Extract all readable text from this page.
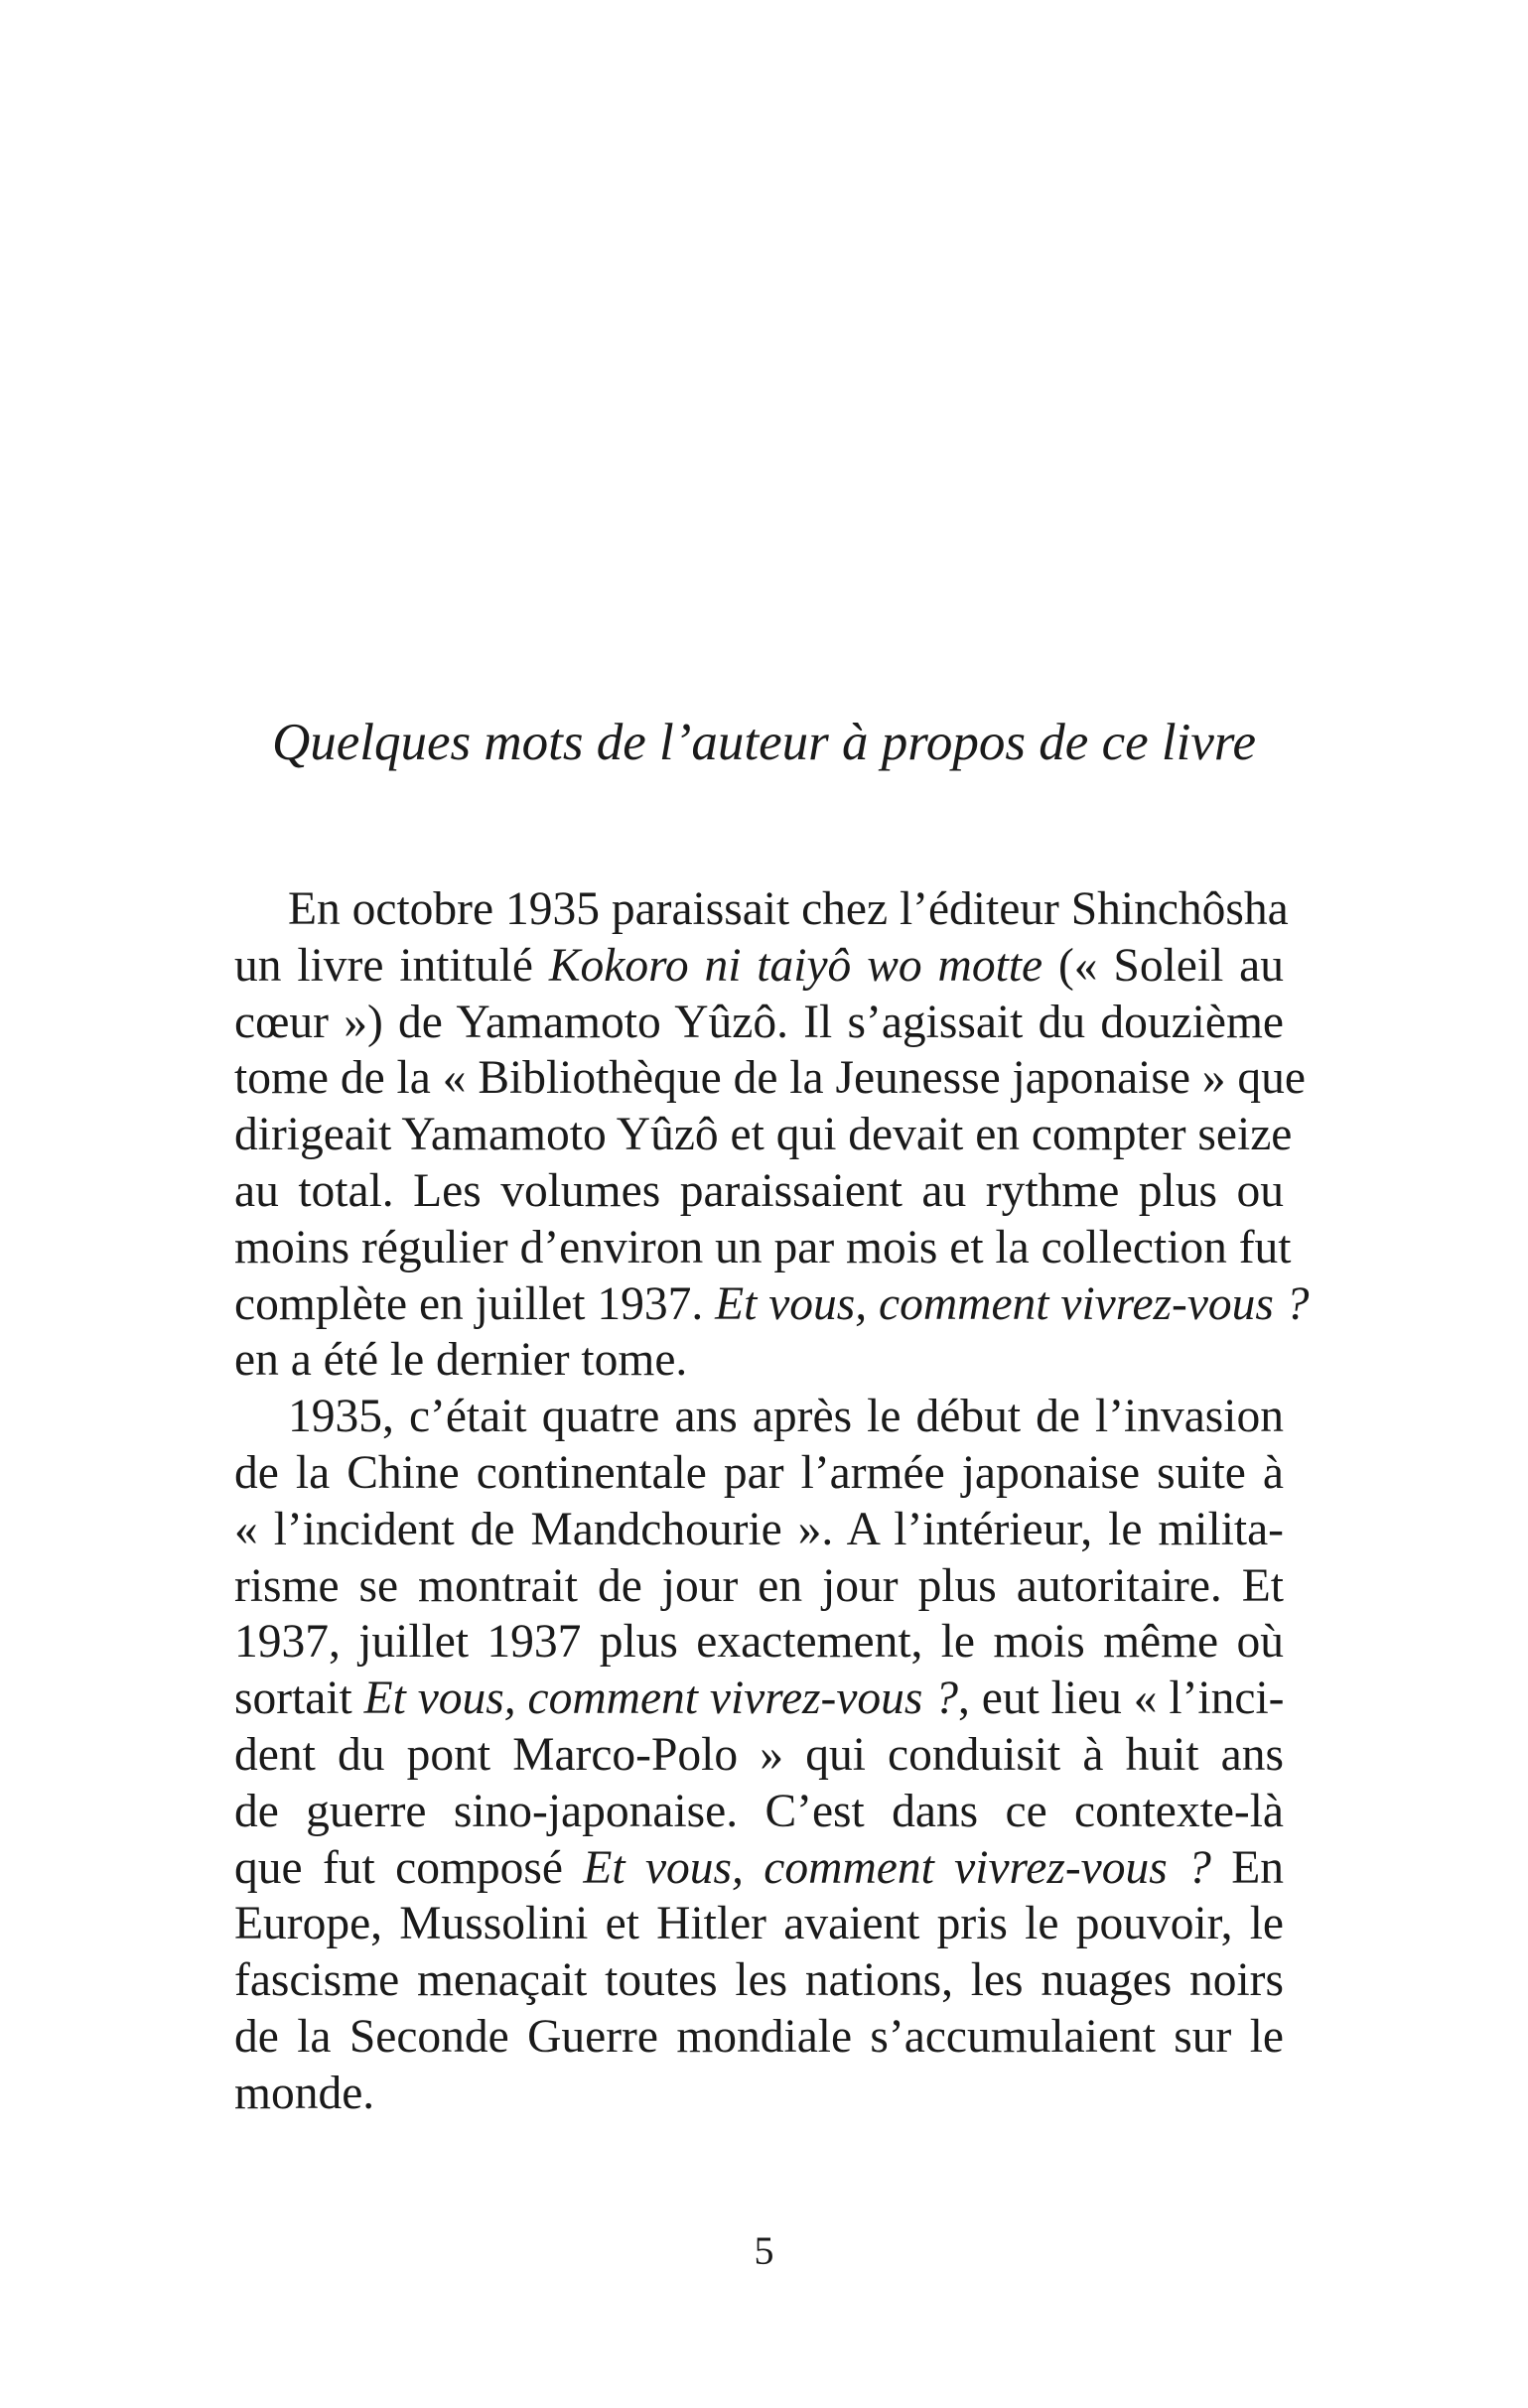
Quelques mots de l’auteur à propos de ce livre
En octobre 1935 paraissait chez l’éditeur Shinchôsha
un livre intitulé Kokoro ni taiyô wo motte (« Soleil au
cœur ») de Yamamoto Yûzô. Il s’agissait du douzième
tome de la « Bibliothèque de la Jeunesse japonaise » que
dirigeait Yamamoto Yûzô et qui devait en compter seize
au total. Les volumes paraissaient au rythme plus ou
moins régulier d’environ un par mois et la collection fut
complète en juillet 1937. Et vous, comment vivrez-vous ?
en a été le dernier tome.
1935, c’était quatre ans après le début de l’invasion
de la Chine continentale par l’armée japonaise suite à
« l’incident de Mandchourie ». A l’intérieur, le milita-
risme se montrait de jour en jour plus autoritaire. Et
1937, juillet 1937 plus exactement, le mois même où
sortait Et vous, comment vivrez-vous ?, eut lieu « l’inci-
dent du pont Marco-Polo » qui conduisit à huit ans
de guerre sino-japonaise. C’est dans ce contexte-là
que fut composé Et vous, comment vivrez-vous ? En
Europe, Mussolini et Hitler avaient pris le pouvoir, le
fascisme menaçait toutes les nations, les nuages noirs
de la Seconde Guerre mondiale s’accumulaient sur le
monde.
5
